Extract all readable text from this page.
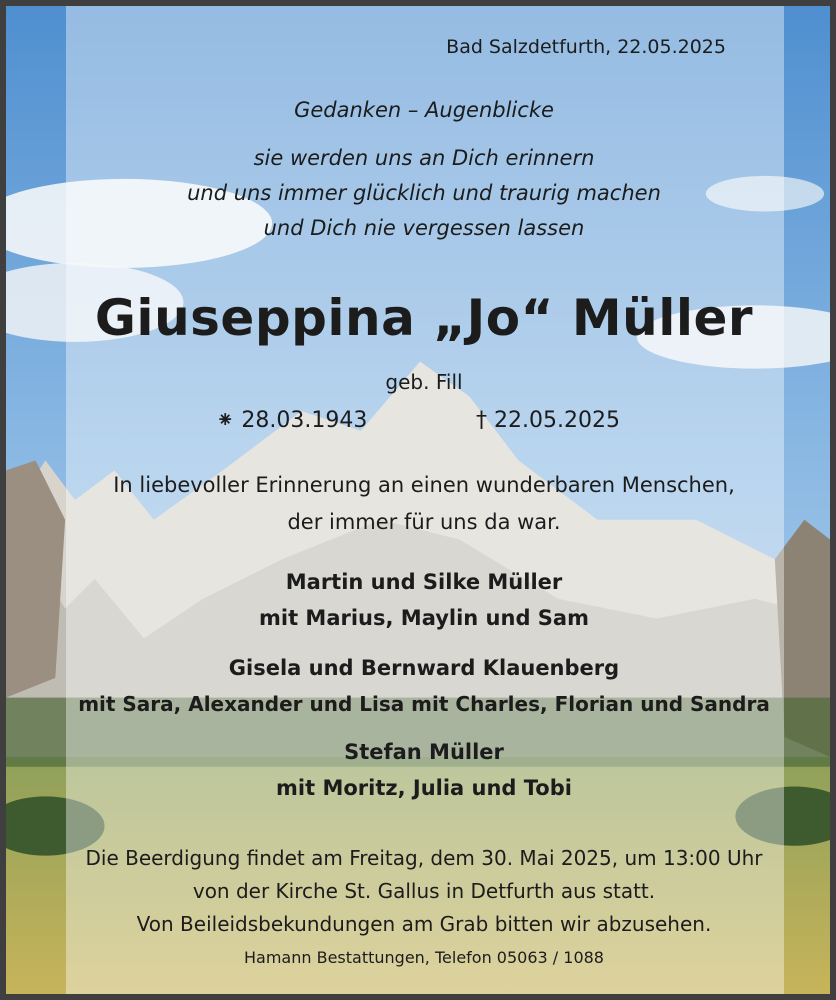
Bad Salzdetfurth, 22.05.2025
Gedanken – Augenblicke
sie werden uns an Dich erinnern
und uns immer glücklich und traurig machen
und Dich nie vergessen lassen
Giuseppina „Jo“ Müller
geb. Fill
⁕ 28.03.1943	† 22.05.2025
In liebevoller Erinnerung an einen wunderbaren Menschen,
der immer für uns da war.
Martin und Silke Müller
mit Marius, Maylin und Sam
Gisela und Bernward Klauenberg
mit Sara, Alexander und Lisa mit Charles, Florian und Sandra
Stefan Müller
mit Moritz, Julia und Tobi
Die Beerdigung findet am Freitag, dem 30. Mai 2025, um 13:00 Uhr
von der Kirche St. Gallus in Detfurth aus statt.
Von Beileidsbekundungen am Grab bitten wir abzusehen.
Hamann Bestattungen, Telefon 05063 / 1088
